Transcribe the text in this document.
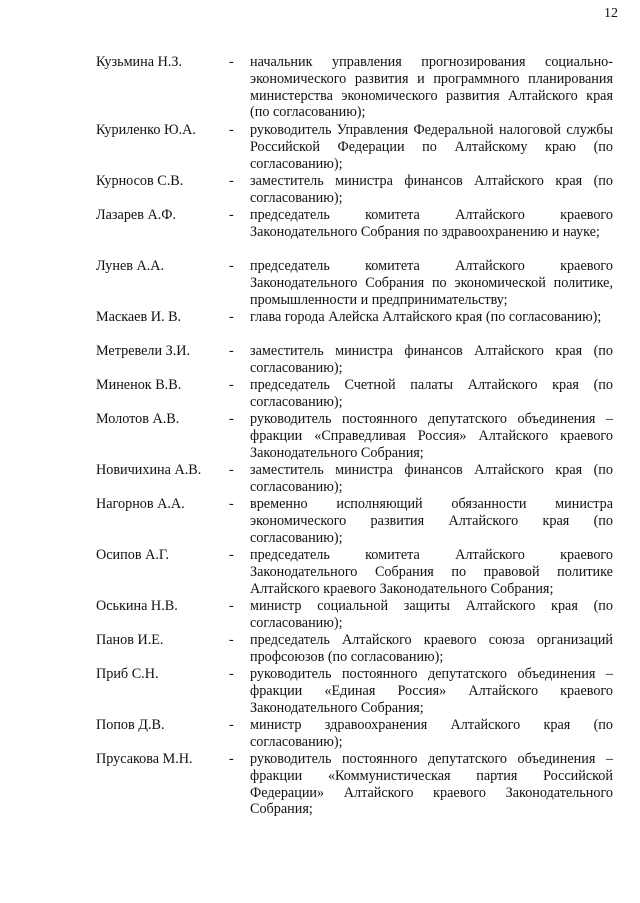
12
Кузьмина Н.З.	- начальник управления прогнозирования социально-экономического развития и программного планирования министерства экономического развития Алтайского края (по согласованию);
Куриленко Ю.А. - руководитель Управления Федеральной налоговой службы Российской Федерации по Алтайскому краю (по согласованию);
Курносов С.В.	- заместитель министра финансов Алтайского края (по согласованию);
Лазарев А.Ф.	- председатель комитета Алтайского краевого Законодательного Собрания по здравоохранению и науке;
Лунев А.А.	- председатель комитета Алтайского краевого Законодательного Собрания по экономической политике, промышленности и предпринимательству;
Маскаев И. В.	- глава города Алейска Алтайского края (по согласованию);
Метревели З.И.	- заместитель министра финансов Алтайского края (по согласованию);
Миненок В.В.	- председатель Счетной палаты Алтайского края (по согласованию);
Молотов А.В.	- руководитель постоянного депутатского объединения – фракции «Справедливая Россия» Алтайского краевого Законодательного Собрания;
Новичихина А.В. - заместитель министра финансов Алтайского края (по согласованию);
Нагорнов А.А.	- временно исполняющий обязанности министра экономического развития Алтайского края (по согласованию);
Осипов А.Г.	- председатель комитета Алтайского краевого Законодательного Собрания по правовой политике Алтайского краевого Законодательного Собрания;
Оськина Н.В.	- министр социальной защиты Алтайского края (по согласованию);
Панов И.Е.	- председатель Алтайского краевого союза организаций профсоюзов (по согласованию);
Приб С.Н.	- руководитель постоянного депутатского объединения – фракции «Единая Россия» Алтайского краевого Законодательного Собрания;
Попов Д.В.	- министр здравоохранения Алтайского края (по согласованию);
Прусакова М.Н.	- руководитель постоянного депутатского объединения – фракции «Коммунистическая партия Российской Федерации» Алтайского краевого Законодательного Собрания;
